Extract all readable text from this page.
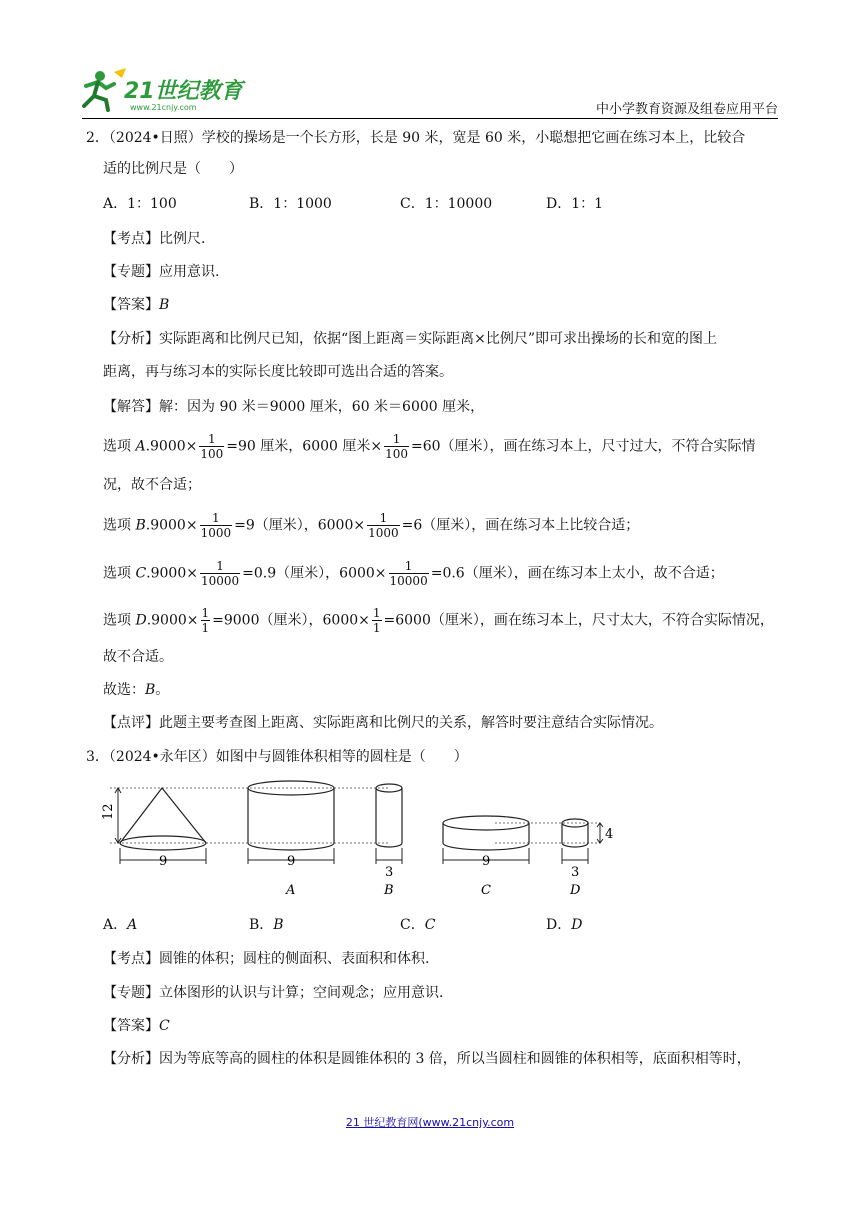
21世纪教育
www.21cnjy.com	中小学教育资源及组卷应用平台
2．（2024•日照）学校的操场是一个长方形，长是 90 米，宽是 60 米，小聪想把它画在练习本上，比较合
适的比例尺是（　　）
A．1：100	B．1：1000	C．1：10000	D．1：1
【考点】比例尺.
【专题】应用意识.
【答案】B
【分析】实际距离和比例尺已知，依据“图上距离＝实际距离×比例尺”即可求出操场的长和宽的图上
距离，再与练习本的实际长度比较即可选出合适的答案。
【解答】解：因为 90 米＝9000 厘米，60 米＝6000 厘米，
选项 $A.9000\times \frac{1}{100} =90$ 厘米，6000 厘米× $\frac{1}{100} =60$（厘米），画在练习本上，尺寸过大，不符合实际情
况，故不合适；
选项 $B.9000\times \frac{1}{1000} =9$（厘米），$6000\times \frac{1}{1000} =6$（厘米），画在练习本上比较合适；
选项 $C.9000\times \frac{1}{10000} =0.9$（厘米），$6000\times \frac{1}{10000} =0.6$（厘米），画在练习本上太小，故不合适；
选项 $D.9000\times \frac{1}{1} =9000$（厘米），$6000\times \frac{1}{1} =6000$（厘米），画在练习本上，尺寸太大，不符合实际情况，
故不合适。
故选：B。
【点评】此题主要考查图上距离、实际距离和比例尺的关系，解答时要注意结合实际情况。
3．（2024•永年区）如图中与圆锥体积相等的圆柱是（　　）
12
9	9
A
3
B
9
C
4
3
D
A．A	B．B	C．C	D．D
【考点】圆锥的体积；圆柱的侧面积、表面积和体积.
【专题】立体图形的认识与计算；空间观念；应用意识.
【答案】C
【分析】因为等底等高的圆柱的体积是圆锥体积的 3 倍，所以当圆柱和圆锥的体积相等，底面积相等时，
21 世纪教育网(www.21cnjy.com
